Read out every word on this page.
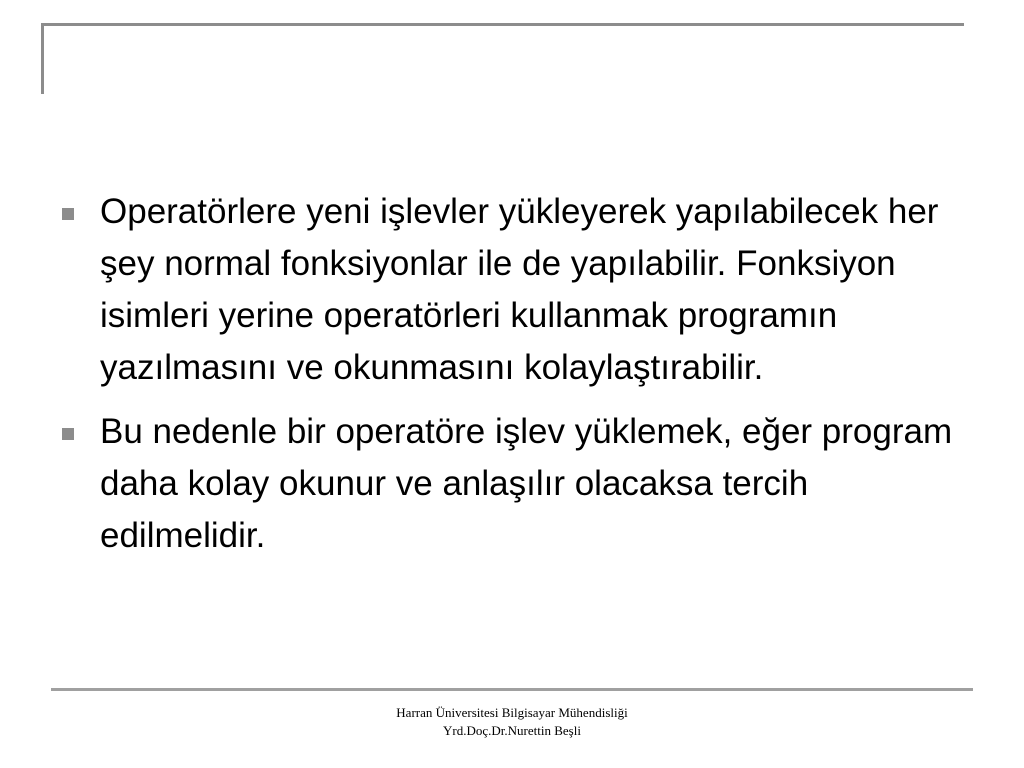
Operatörlere yeni işlevler yükleyerek yapılabilecek her şey normal fonksiyonlar ile de yapılabilir. Fonksiyon isimleri yerine operatörleri kullanmak programın yazılmasını ve okunmasını kolaylaştırabilir.
Bu nedenle bir operatöre işlev yüklemek, eğer program daha kolay okunur ve anlaşılır olacaksa tercih edilmelidir.
Harran Üniversitesi Bilgisayar Mühendisliği
Yrd.Doç.Dr.Nurettin Beşli
